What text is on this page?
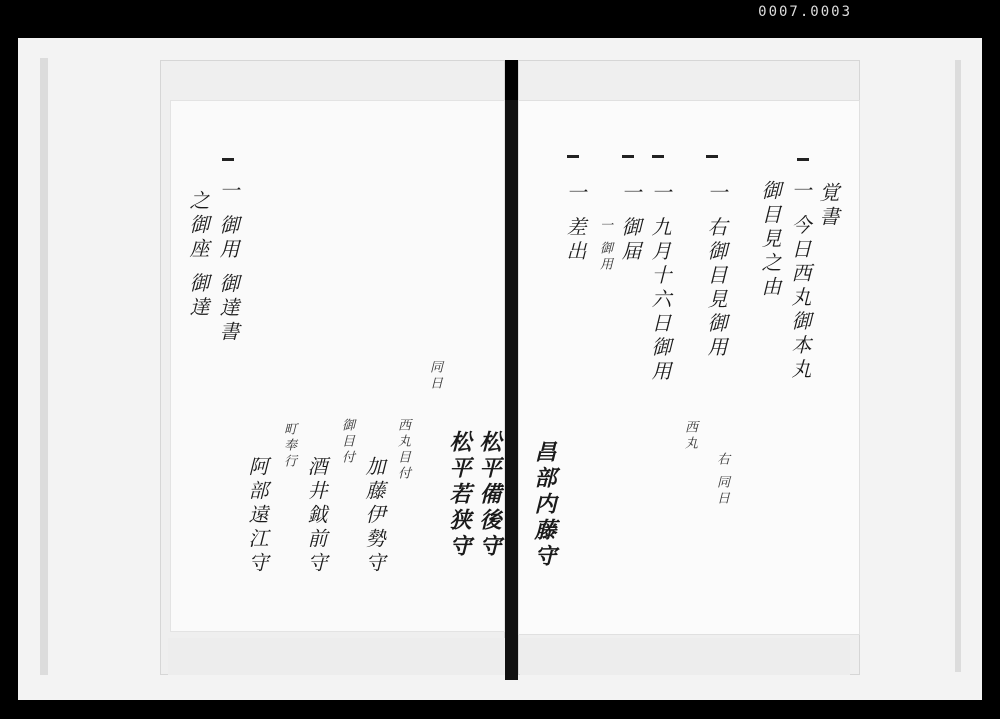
0007.0003
覚書
一 今日西丸御本丸
御目見之由
一 右御目見御用
一 九月十六日御用
一 御届
一 御用
一 差出
右 同日
西丸
昌部内藤守
一 御用 御達書
之御座 御達
同日
西丸目付
御目付
町奉行	松平備後守
松平若狭守
加藤伊勢守
酒井鉞前守
阿部遠江守
